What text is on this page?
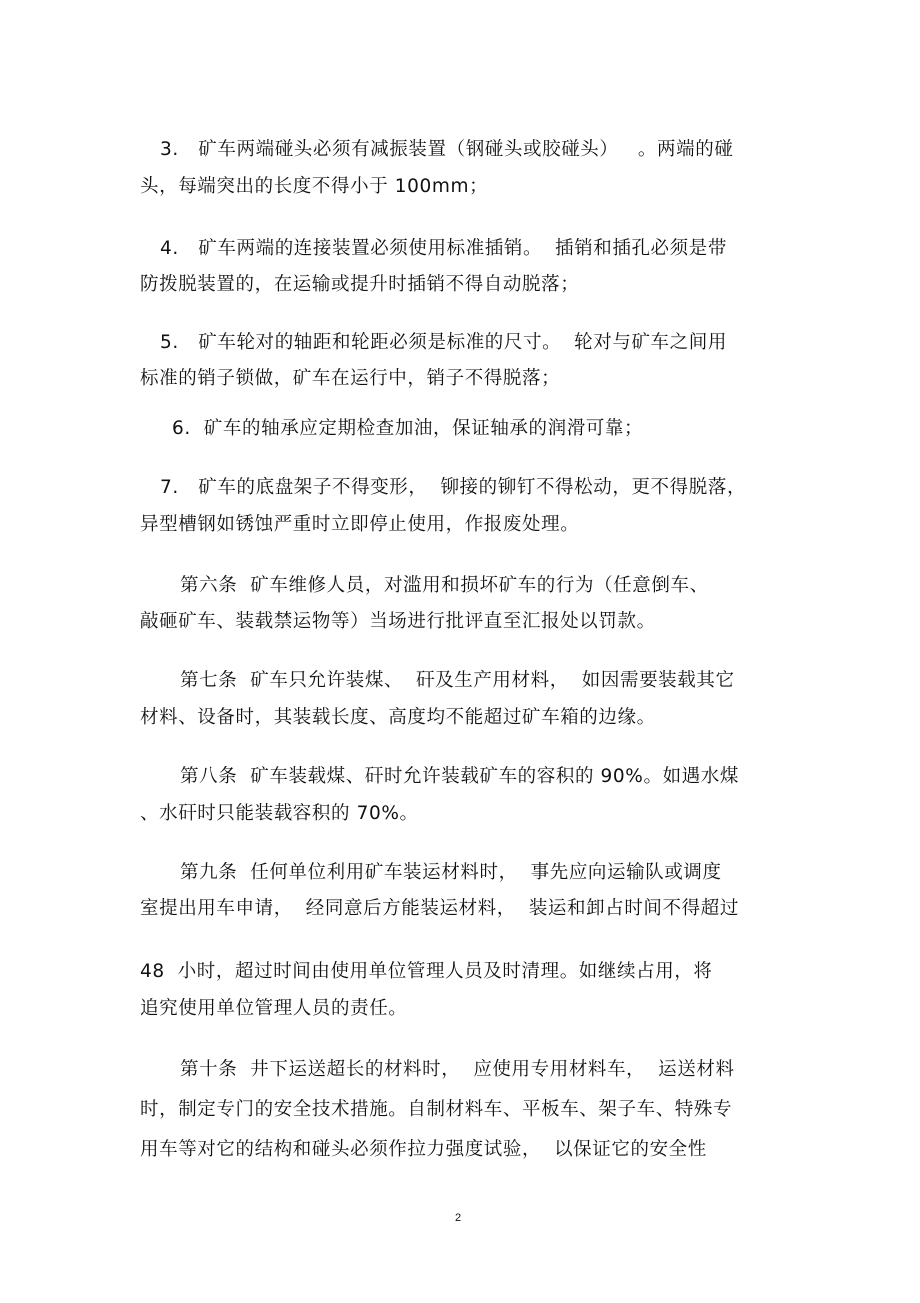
3.   矿车两端碰头必须有减振装置（钢碰头或胶碰头）   。两端的碰
头，每端突出的长度不得小于 100mm；
4.   矿车两端的连接装置必须使用标准插销。  插销和插孔必须是带
防拨脱装置的，在运输或提升时插销不得自动脱落；
5.   矿车轮对的轴距和轮距必须是标准的尺寸。  轮对与矿车之间用
标准的销子锁做，矿车在运行中，销子不得脱落；
6.  矿车的轴承应定期检查加油，保证轴承的润滑可靠；
7.   矿车的底盘架子不得变形，  铆接的铆钉不得松动，更不得脱落，
异型槽钢如锈蚀严重时立即停止使用，作报废处理。
第六条  矿车维修人员，对滥用和损坏矿车的行为（任意倒车、
敲砸矿车、装载禁运物等）当场进行批评直至汇报处以罚款。
第七条  矿车只允许装煤、  矸及生产用材料，  如因需要装载其它
材料、设备时，其装载长度、高度均不能超过矿车箱的边缘。
第八条  矿车装载煤、矸时允许装载矿车的容积的 90%。如遇水煤
、水矸时只能装载容积的 70%。
第九条  任何单位利用矿车装运材料时，  事先应向运输队或调度
室提出用车申请，  经同意后方能装运材料，  装运和卸占时间不得超过
48  小时，超过时间由使用单位管理人员及时清理。如继续占用，将
追究使用单位管理人员的责任。
第十条  井下运送超长的材料时，  应使用专用材料车，  运送材料
时，制定专门的安全技术措施。自制材料车、平板车、架子车、特殊专
用车等对它的结构和碰头必须作拉力强度试验，  以保证它的安全性
2
